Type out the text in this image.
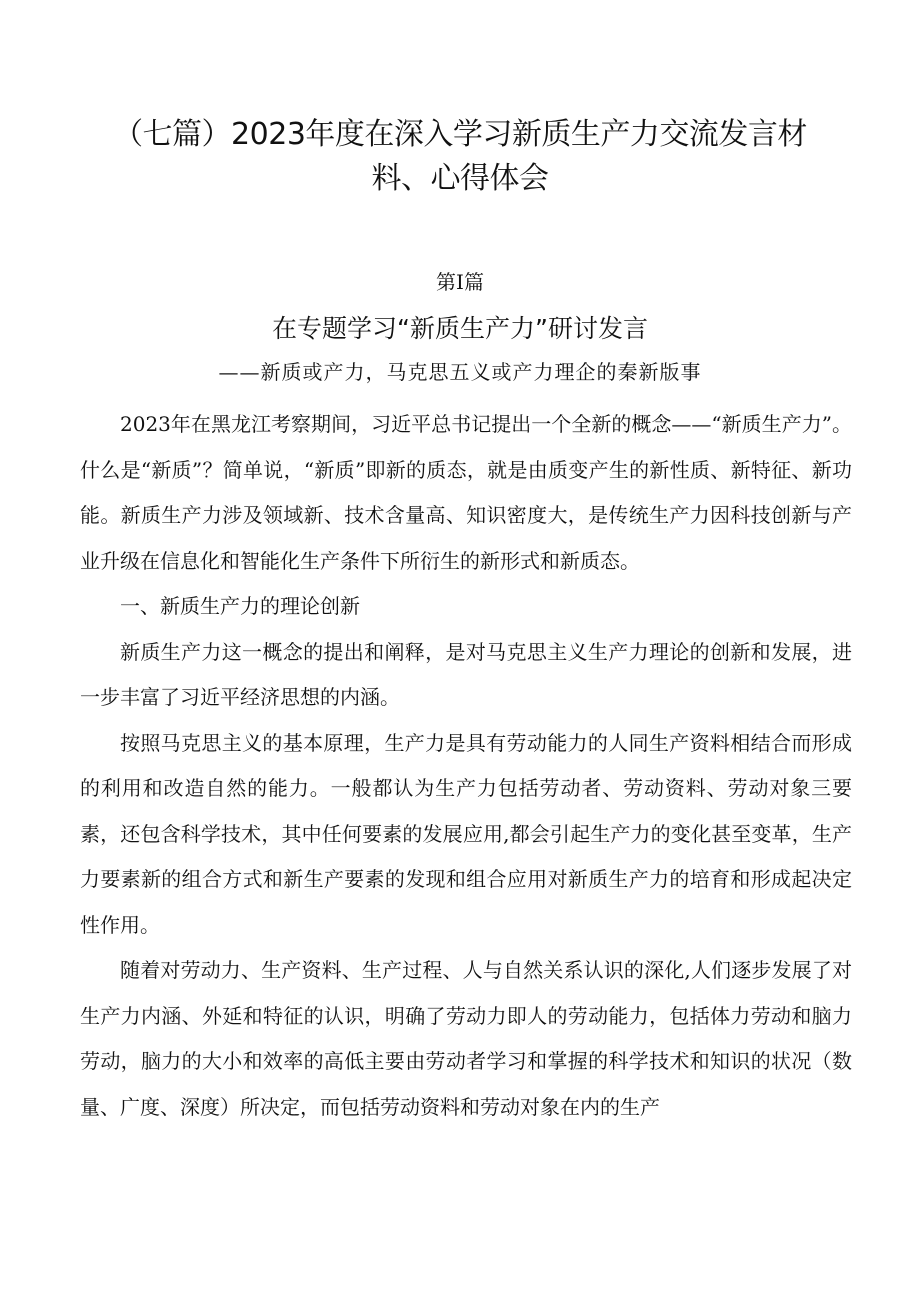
（七篇）2023年度在深入学习新质生产力交流发言材
料、心得体会
第Ⅰ篇
在专题学习“新质生产力”研讨发言
——新质或产力，马克思五义或产力理企的秦新版事

2023年在黑龙江考察期间，习近平总书记提出一个全新的概念——“新质生产力”。什么是“新质”？简单说，“新质”即新的质态，就是由质变产生的新性质、新特征、新功能。新质生产力涉及领域新、技术含量高、知识密度大，是传统生产力因科技创新与产业升级在信息化和智能化生产条件下所衍生的新形式和新质态。

一、新质生产力的理论创新

新质生产力这一概念的提出和阐释，是对马克思主义生产力理论的创新和发展，进一步丰富了习近平经济思想的内涵。

按照马克思主义的基本原理，生产力是具有劳动能力的人同生产资料相结合而形成的利用和改造自然的能力。一般都认为生产力包括劳动者、劳动资料、劳动对象三要素，还包含科学技术，其中任何要素的发展应用,都会引起生产力的变化甚至变革，生产力要素新的组合方式和新生产要素的发现和组合应用对新质生产力的培育和形成起决定性作用。

随着对劳动力、生产资料、生产过程、人与自然关系认识的深化,人们逐步发展了对生产力内涵、外延和特征的认识，明确了劳动力即人的劳动能力，包括体力劳动和脑力劳动，脑力的大小和效率的高低主要由劳动者学习和掌握的科学技术和知识的状况（数量、广度、深度）所决定，而包括劳动资料和劳动对象在内的生产
